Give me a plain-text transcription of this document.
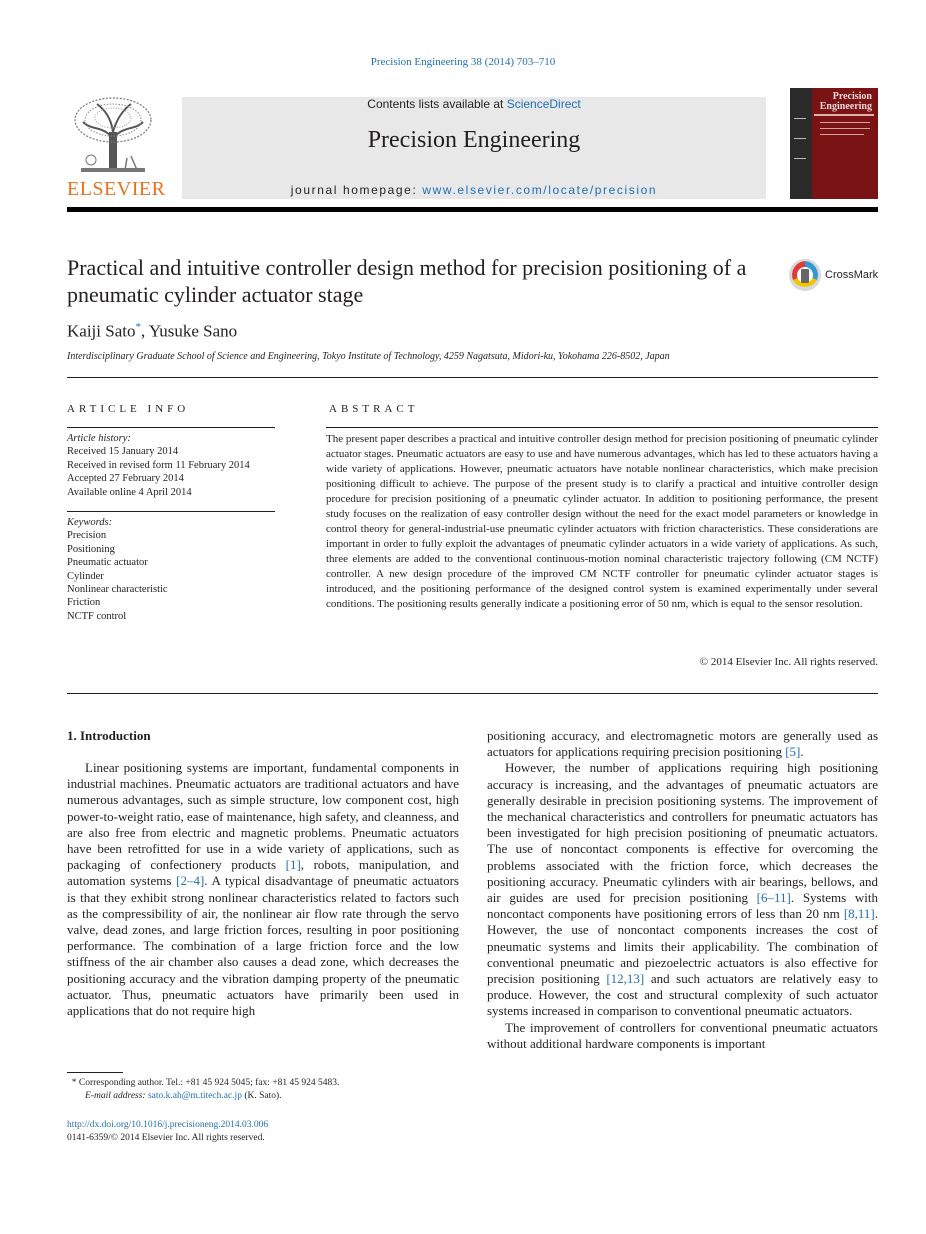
Precision Engineering 38 (2014) 703–710
ELSEVIER
Contents lists available at ScienceDirect
Precision Engineering
journal homepage: www.elsevier.com/locate/precision
Precision Engineering
Practical and intuitive controller design method for precision positioning of a pneumatic cylinder actuator stage
CrossMark
Kaiji Sato*, Yusuke Sano
Interdisciplinary Graduate School of Science and Engineering, Tokyo Institute of Technology, 4259 Nagatsuta, Midori-ku, Yokohama 226-8502, Japan
ARTICLE INFO
Article history:
Received 15 January 2014
Received in revised form 11 February 2014
Accepted 27 February 2014
Available online 4 April 2014
Keywords:
Precision
Positioning
Pneumatic actuator
Cylinder
Nonlinear characteristic
Friction
NCTF control
ABSTRACT
The present paper describes a practical and intuitive controller design method for precision positioning of pneumatic cylinder actuator stages. Pneumatic actuators are easy to use and have numerous advantages, which has led to these actuators having a wide variety of applications. However, pneumatic actuators have notable nonlinear characteristics, which make precision positioning difficult to achieve. The purpose of the present study is to clarify a practical and intuitive controller design procedure for precision positioning of a pneumatic cylinder actuator. In addition to positioning performance, the present study focuses on the realization of easy controller design without the need for the exact model parameters or knowledge in control theory for general-industrial-use pneumatic cylinder actuators with friction characteristics. These considerations are important in order to fully exploit the advantages of pneumatic cylinder actuators in a wide variety of applications. As such, three elements are added to the conventional continuous-motion nominal characteristic trajectory following (CM NCTF) controller. A new design procedure of the improved CM NCTF controller for pneumatic cylinder actuator stages is introduced, and the positioning performance of the designed control system is examined experimentally under several conditions. The positioning results generally indicate a positioning error of 50 nm, which is equal to the sensor resolution.
© 2014 Elsevier Inc. All rights reserved.
1. Introduction

Linear positioning systems are important, fundamental components in industrial machines. Pneumatic actuators are traditional actuators and have numerous advantages, such as simple structure, low component cost, high power-to-weight ratio, ease of maintenance, high safety, and cleanness, and are also free from electric and magnetic problems. Pneumatic actuators have been retrofitted for use in a wide variety of applications, such as packaging of confectionery products [1], robots, manipulation, and automation systems [2–4]. A typical disadvantage of pneumatic actuators is that they exhibit strong nonlinear characteristics related to factors such as the compressibility of air, the nonlinear air flow rate through the servo valve, dead zones, and large friction forces, resulting in poor positioning performance. The combination of a large friction force and the low stiffness of the air chamber also causes a dead zone, which decreases the positioning accuracy and the vibration damping property of the pneumatic actuator. Thus, pneumatic actuators have primarily been used in applications that do not require high

positioning accuracy, and electromagnetic motors are generally used as actuators for applications requiring precision positioning [5].

However, the number of applications requiring high positioning accuracy is increasing, and the advantages of pneumatic actuators are generally desirable in precision positioning systems. The improvement of the mechanical characteristics and controllers for pneumatic actuators has been investigated for high precision positioning of pneumatic actuators. The use of noncontact components is effective for overcoming the problems associated with the friction force, which decreases the positioning accuracy. Pneumatic cylinders with air bearings, bellows, and air guides are used for precision positioning [6–11]. Systems with noncontact components have positioning errors of less than 20 nm [8,11]. However, the use of noncontact components increases the cost of pneumatic systems and limits their applicability. The combination of conventional pneumatic and piezoelectric actuators is also effective for precision positioning [12,13] and such actuators are relatively easy to produce. However, the cost and structural complexity of such actuator systems increased in comparison to conventional pneumatic actuators.

The improvement of controllers for conventional pneumatic actuators without additional hardware components is important

* Corresponding author. Tel.: +81 45 924 5045; fax: +81 45 924 5483.
E-mail address: sato.k.ah@m.titech.ac.jp (K. Sato).
http://dx.doi.org/10.1016/j.precisioneng.2014.03.006
0141-6359/© 2014 Elsevier Inc. All rights reserved.
